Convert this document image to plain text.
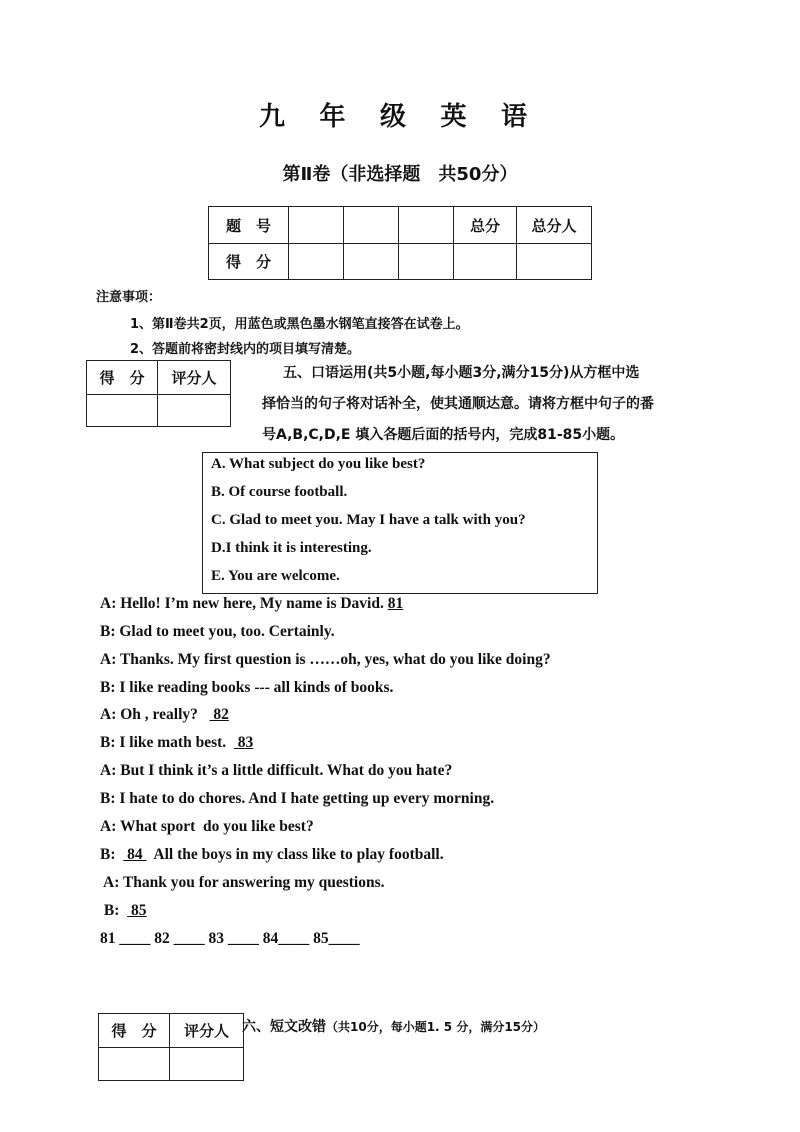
九 年 级 英 语
第Ⅱ卷（非选择题　共50分）
题　号				总分	总分人
得　分					
注意事项：
1、第Ⅱ卷共2页，用蓝色或黑色墨水钢笔直接答在试卷上。
2、答题前将密封线内的项目填写清楚。
得　分	评分人
		五、口语运用(共5小题,每小题3分,满分15分)从方框中选
择恰当的句子将对话补全，使其通顺达意。请将方框中句子的番
号A,B,C,D,E 填入各题后面的括号内，完成81-85小题。
A. What subject do you like best?
B. Of course football.
C. Glad to meet you. May I have a talk with you?
D.I think it is interesting.
E. You are welcome.
A: Hello! I’m new here, My name is David. 81
B: Glad to meet you, too. Certainly.
A: Thanks. My first question is ……oh, yes, what do you like doing?
B: I like reading books --- all kinds of books.
A: Oh , really?    82
B: I like math best.   83
A: But I think it’s a little difficult. What do you hate?
B: I hate to do chores. And I hate getting up every morning.
A: What sport  do you like best?
B:   84   All the boys in my class like to play football.
A: Thank you for answering my questions.
B:   85
81 ____ 82 ____ 83 ____ 84____ 85____
得　分	评分人
	六、短文改错（共10分，每小题1. 5 分，满分15分）
